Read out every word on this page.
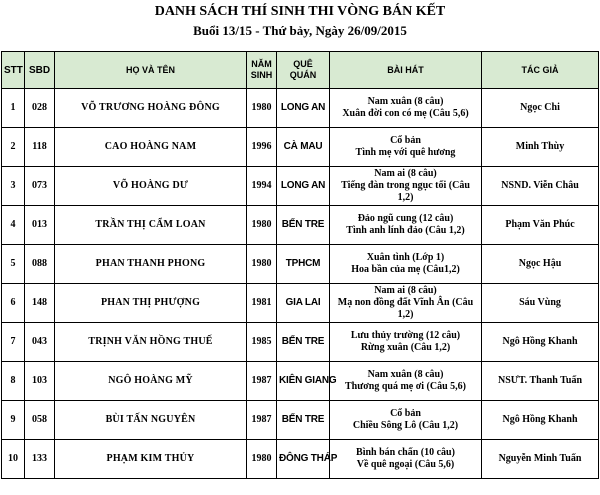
DANH SÁCH THÍ SINH THI VÒNG BÁN KẾT
Buổi 13/15 - Thứ bảy, Ngày 26/09/2015
STT	SBD	HỌ VÀ TÊN	NĂM SINH	QUÊ QUÁN	BÀI HÁT	TÁC GIẢ
1	028	VÕ TRƯƠNG HOÀNG ĐÔNG	1980	LONG AN	Nam xuân (8 câu)
Xuân đời con có mẹ (Câu 5,6)	Ngọc Chi
2	118	CAO HOÀNG NAM	1996	CÀ MAU	Cổ bản
Tình mẹ với quê hương	Minh Thùy
3	073	VÕ HOÀNG DƯ	1994	LONG AN	Nam ai (8 câu)
Tiếng đàn trong ngục tối (Câu 1,2)	NSND. Viễn Châu
4	013	TRẦN THỊ CẨM LOAN	1980	BẾN TRE	Đảo ngũ cung (12 câu)
Tình anh lính đảo (Câu 1,2)	Phạm Văn Phúc
5	088	PHAN THANH PHONG	1980	TPHCM	Xuân tình (Lớp 1)
Hoa bần của mẹ (Câu1,2)	Ngọc Hậu
6	148	PHAN THỊ PHƯỢNG	1981	GIA LAI	Nam ai (8 câu)
Mạ non đồng đất Vĩnh Ân (Câu 1,2)	Sáu Vùng
7	043	TRỊNH VĂN HỒNG THUẾ	1985	BẾN TRE	Lưu thủy trường (12 câu)
Rừng xuân (Câu 1,2)	Ngô Hồng Khanh
8	103	NGÔ HOÀNG MỸ	1987	KIÊN GIANG	Nam xuân (8 câu)
Thương quá mẹ ơi (Câu 5,6)	NSƯT. Thanh Tuấn
9	058	BÙI TẤN NGUYÊN	1987	BẾN TRE	Cổ bản
Chiều Sông Lô (Câu 1,2)	Ngô Hồng Khanh
10	133	PHẠM KIM THỦY	1980	ĐÔNG THÁP	Bình bán chấn (10 câu)
Về quê ngoại (Câu 5,6)	Nguyễn Minh Tuấn
